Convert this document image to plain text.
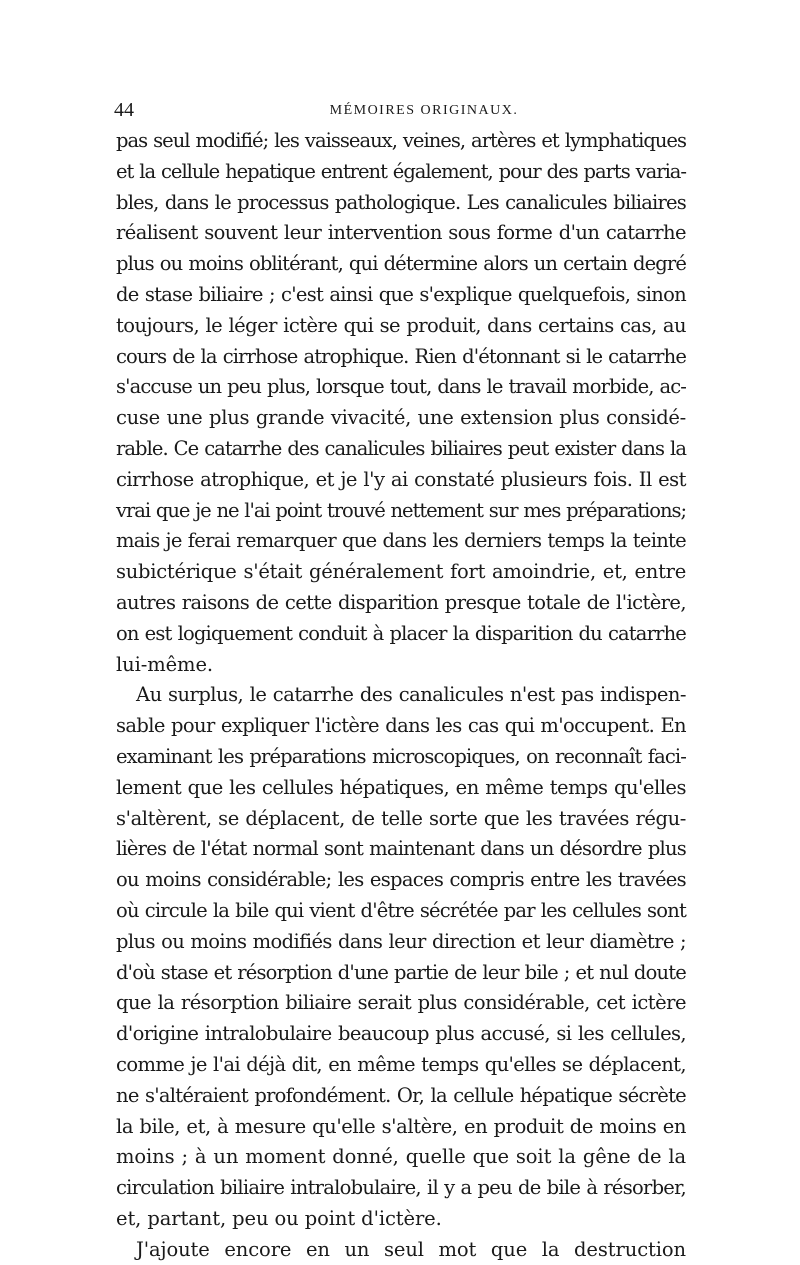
44	MÉMOIRES ORIGINAUX.
pas seul modifié; les vaisseaux, veines, artères et lymphatiques
et la cellule hepatique entrent également, pour des parts varia-
bles, dans le processus pathologique. Les canalicules biliaires
réalisent souvent leur intervention sous forme d'un catarrhe
plus ou moins oblitérant, qui détermine alors un certain degré
de stase biliaire ; c'est ainsi que s'explique quelquefois, sinon
toujours, le léger ictère qui se produit, dans certains cas, au
cours de la cirrhose atrophique. Rien d'étonnant si le catarrhe
s'accuse un peu plus, lorsque tout, dans le travail morbide, ac-
cuse une plus grande vivacité, une extension plus considé-
rable. Ce catarrhe des canalicules biliaires peut exister dans la
cirrhose atrophique, et je l'y ai constaté plusieurs fois. Il est
vrai que je ne l'ai point trouvé nettement sur mes préparations;
mais je ferai remarquer que dans les derniers temps la teinte
subictérique s'était généralement fort amoindrie, et, entre
autres raisons de cette disparition presque totale de l'ictère,
on est logiquement conduit à placer la disparition du catarrhe
lui-même.
Au surplus, le catarrhe des canalicules n'est pas indispen-
sable pour expliquer l'ictère dans les cas qui m'occupent. En
examinant les préparations microscopiques, on reconnaît faci-
lement que les cellules hépatiques, en même temps qu'elles
s'altèrent, se déplacent, de telle sorte que les travées régu-
lières de l'état normal sont maintenant dans un désordre plus
ou moins considérable; les espaces compris entre les travées
où circule la bile qui vient d'être sécrétée par les cellules sont
plus ou moins modifiés dans leur direction et leur diamètre ;
d'où stase et résorption d'une partie de leur bile ; et nul doute
que la résorption biliaire serait plus considérable, cet ictère
d'origine intralobulaire beaucoup plus accusé, si les cellules,
comme je l'ai déjà dit, en même temps qu'elles se déplacent,
ne s'altéraient profondément. Or, la cellule hépatique sécrète
la bile, et, à mesure qu'elle s'altère, en produit de moins en
moins ; à un moment donné, quelle que soit la gêne de la
circulation biliaire intralobulaire, il y a peu de bile à résorber,
et, partant, peu ou point d'ictère.
J'ajoute encore en un seul mot que la destruction
